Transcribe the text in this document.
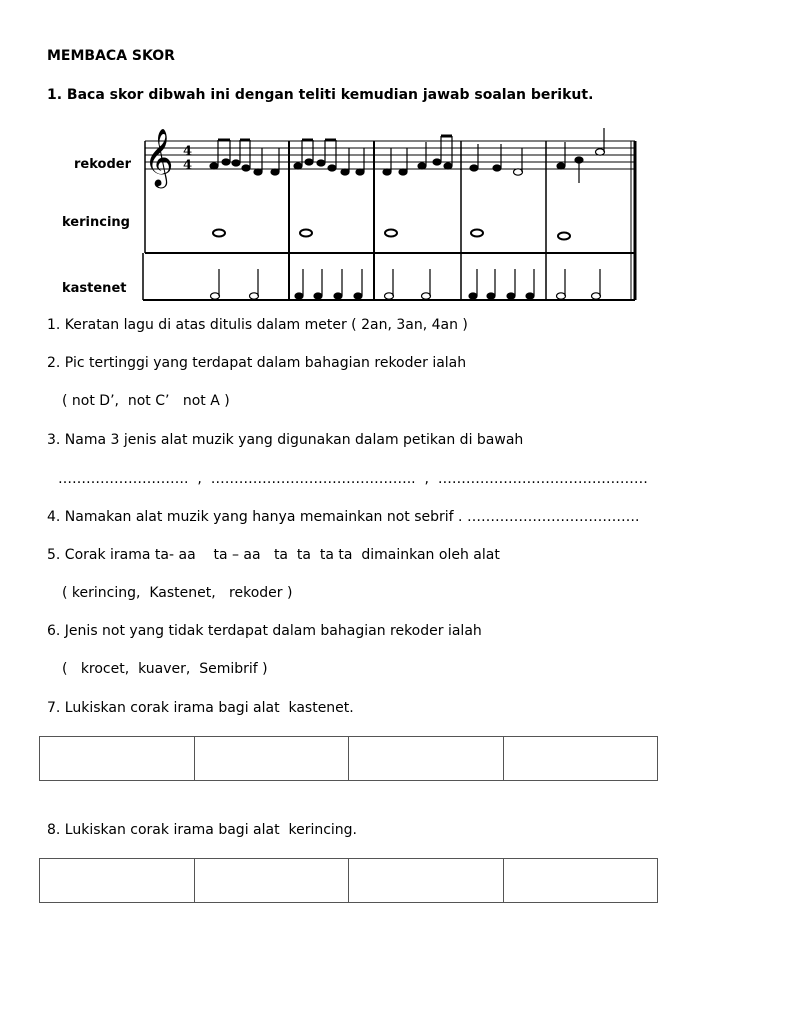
MEMBACA SKOR
1. Baca skor dibwah ini dengan teliti kemudian jawab soalan berikut.
rekoder
kerincing
kastenet
𝄞 4
4
1. Keratan lagu di atas ditulis dalam meter ( 2an, 3an, 4an )
2. Pic tertinggi yang terdapat dalam bahagian rekoder ialah
( not D’,  not C’   not A )
3. Nama 3 jenis alat muzik yang digunakan dalam petikan di bawah
……………………….  ,  ……………………………………..  ,  ………………………………………
4. Namakan alat muzik yang hanya memainkan not sebrif . ……………………………….
5. Corak irama ta- aa    ta – aa   ta  ta  ta ta  dimainkan oleh alat
( kerincing,  Kastenet,   rekoder )
6. Jenis not yang tidak terdapat dalam bahagian rekoder ialah
(   krocet,  kuaver,  Semibrif )
7. Lukiskan corak irama bagi alat  kastenet.
8. Lukiskan corak irama bagi alat  kerincing.
